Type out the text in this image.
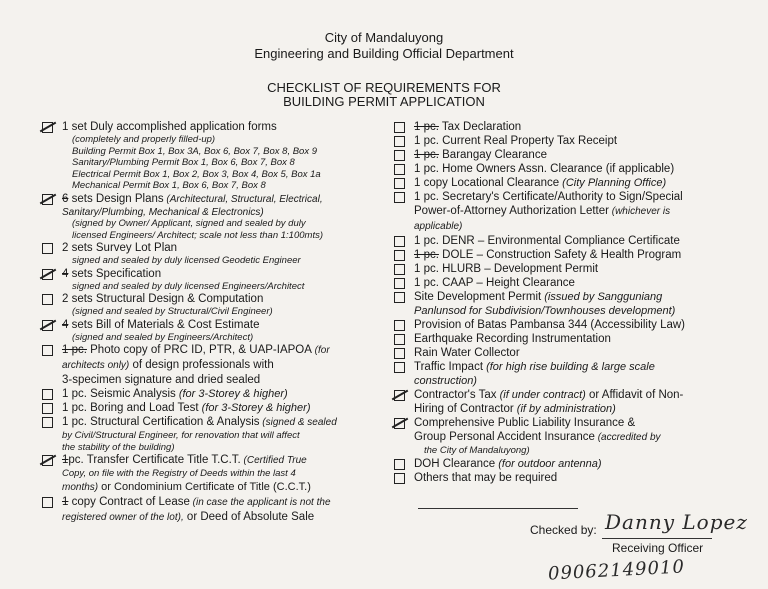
City of Mandaluyong
Engineering and Building Official Department
CHECKLIST OF REQUIREMENTS FOR
BUILDING PERMIT APPLICATION
1 set Duly accomplished application forms
(completely and properly filled-up)
Building Permit Box 1, Box 3A, Box 6, Box 7, Box 8, Box 9
Sanitary/Plumbing Permit Box 1, Box 6, Box 7, Box 8
Electrical Permit Box 1, Box 2, Box 3, Box 4, Box 5, Box 1a
Mechanical Permit Box 1, Box 6, Box 7, Box 8
6 sets Design Plans (Architectural, Structural, Electrical,
Sanitary/Plumbing, Mechanical & Electronics)
(signed by Owner/ Applicant, signed and sealed by duly
licensed Engineers/ Architect; scale not less than 1:100mts)
2 sets Survey Lot Plan
signed and sealed by duly licensed Geodetic Engineer
4 sets Specification
signed and sealed by duly licensed Engineers/Architect
2 sets Structural Design & Computation
(signed and sealed by Structural/Civil Engineer)
4 sets Bill of Materials & Cost Estimate
(signed and sealed by Engineers/Architect)
1 pc. Photo copy of PRC ID, PTR, & UAP-IAPOA (for
architects only) of design professionals with
3-specimen signature and dried sealed
1 pc. Seismic Analysis (for 3-Storey & higher)
1 pc. Boring and Load Test (for 3-Storey & higher)
1 pc. Structural Certification & Analysis (signed & sealed
by Civil/Structural Engineer, for renovation that will affect
the stability of the building)
1pc. Transfer Certificate Title T.C.T. (Certified True
Copy, on file with the Registry of Deeds within the last 4
months) or Condominium Certificate of Title (C.C.T.)
1 copy Contract of Lease (in case the applicant is not the
registered owner of the lot), or Deed of Absolute Sale
1 pc. Tax Declaration
1 pc. Current Real Property Tax Receipt
1 pc. Barangay Clearance
1 pc. Home Owners Assn. Clearance (if applicable)
1 copy Locational Clearance (City Planning Office)
1 pc. Secretary's Certificate/Authority to Sign/Special
Power-of-Attorney Authorization Letter (whichever is
applicable)
1 pc. DENR – Environmental Compliance Certificate
1 pc. DOLE – Construction Safety & Health Program
1 pc. HLURB – Development Permit
1 pc. CAAP – Height Clearance
Site Development Permit (issued by Sangguniang
Panlunsod for Subdivision/Townhouses development)
Provision of Batas Pambansa 344 (Accessibility Law)
Earthquake Recording Instrumentation
Rain Water Collector
Traffic Impact (for high rise building & large scale
construction)
Contractor's Tax (if under contract) or Affidavit of Non-
Hiring of Contractor (if by administration)
Comprehensive Public Liability Insurance &
Group Personal Accident Insurance (accredited by
the City of Mandaluyong)
DOH Clearance (for outdoor antenna)
Others that may be required
Checked by: Danny Lopez
Receiving Officer
09062149010
